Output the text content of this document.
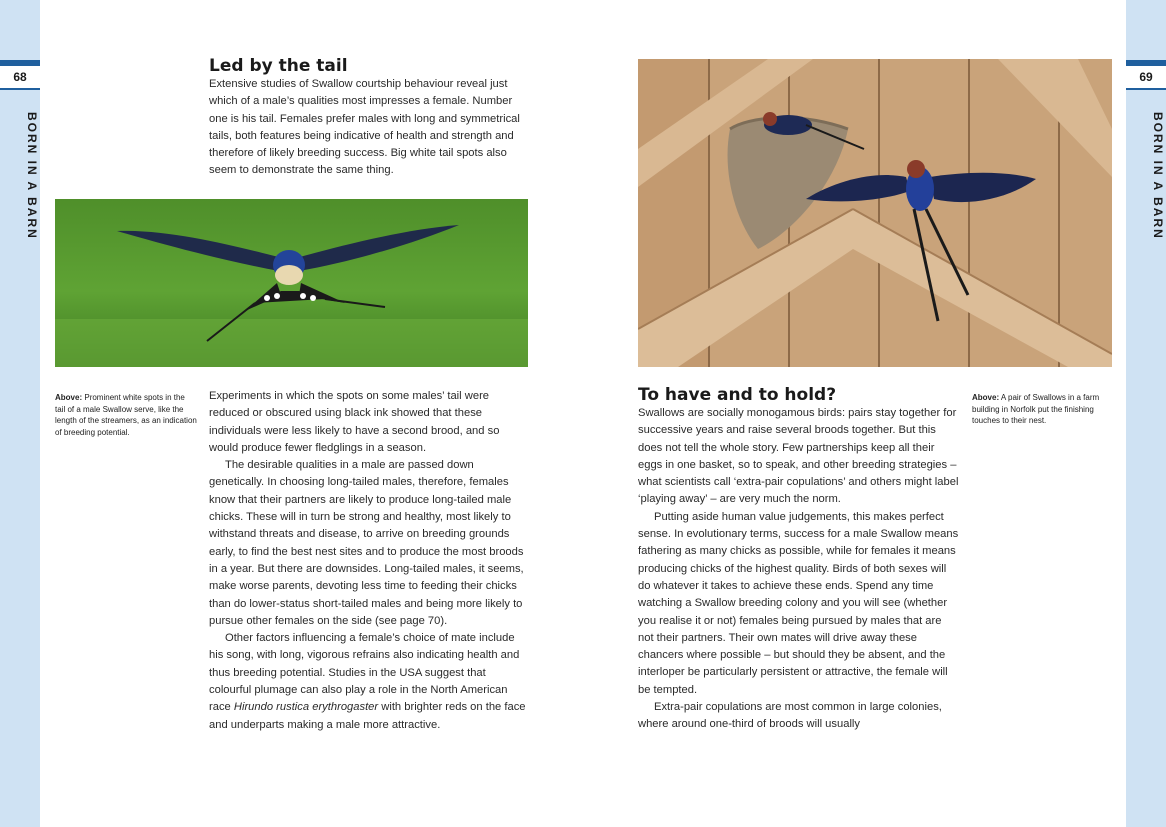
68
BORN IN A BARN
69
BORN IN A BARN
Led by the tail

Extensive studies of Swallow courtship behaviour reveal just which of a male’s qualities most impresses a female. Number one is his tail. Females prefer males with long and symmetrical tails, both features being indicative of health and strength and therefore of likely breeding success. Big white tail spots also seem to demonstrate the same thing.

Above: Prominent white spots in the tail of a male Swallow serve, like the length of the streamers, as an indication of breeding potential.

Experiments in which the spots on some males’ tail were reduced or obscured using black ink showed that these individuals were less likely to have a second brood, and so would produce fewer fledglings in a season.

The desirable qualities in a male are passed down genetically. In choosing long-tailed males, therefore, females know that their partners are likely to produce long-tailed male chicks. These will in turn be strong and healthy, most likely to withstand threats and disease, to arrive on breeding grounds early, to find the best nest sites and to produce the most broods in a year. But there are downsides. Long-tailed males, it seems, make worse parents, devoting less time to feeding their chicks than do lower-status short-tailed males and being more likely to pursue other females on the side (see page 70).

Other factors influencing a female’s choice of mate include his song, with long, vigorous refrains also indicating health and thus breeding potential. Studies in the USA suggest that colourful plumage can also play a role in the North American race Hirundo rustica erythrogaster with brighter reds on the face and underparts making a male more attractive.

To have and to hold?

Swallows are socially monogamous birds: pairs stay together for successive years and raise several broods together. But this does not tell the whole story. Few partnerships keep all their eggs in one basket, so to speak, and other breeding strategies – what scientists call ‘extra-pair copulations’ and others might label ‘playing away’ – are very much the norm.

Putting aside human value judgements, this makes perfect sense. In evolutionary terms, success for a male Swallow means fathering as many chicks as possible, while for females it means producing chicks of the highest quality. Birds of both sexes will do whatever it takes to achieve these ends. Spend any time watching a Swallow breeding colony and you will see (whether you realise it or not) females being pursued by males that are not their partners. Their own mates will drive away these chancers where possible – but should they be absent, and the interloper be particularly persistent or attractive, the female will be tempted.

Extra-pair copulations are most common in large colonies, where around one-third of broods will usually

Above: A pair of Swallows in a farm building in Norfolk put the finishing touches to their nest.
